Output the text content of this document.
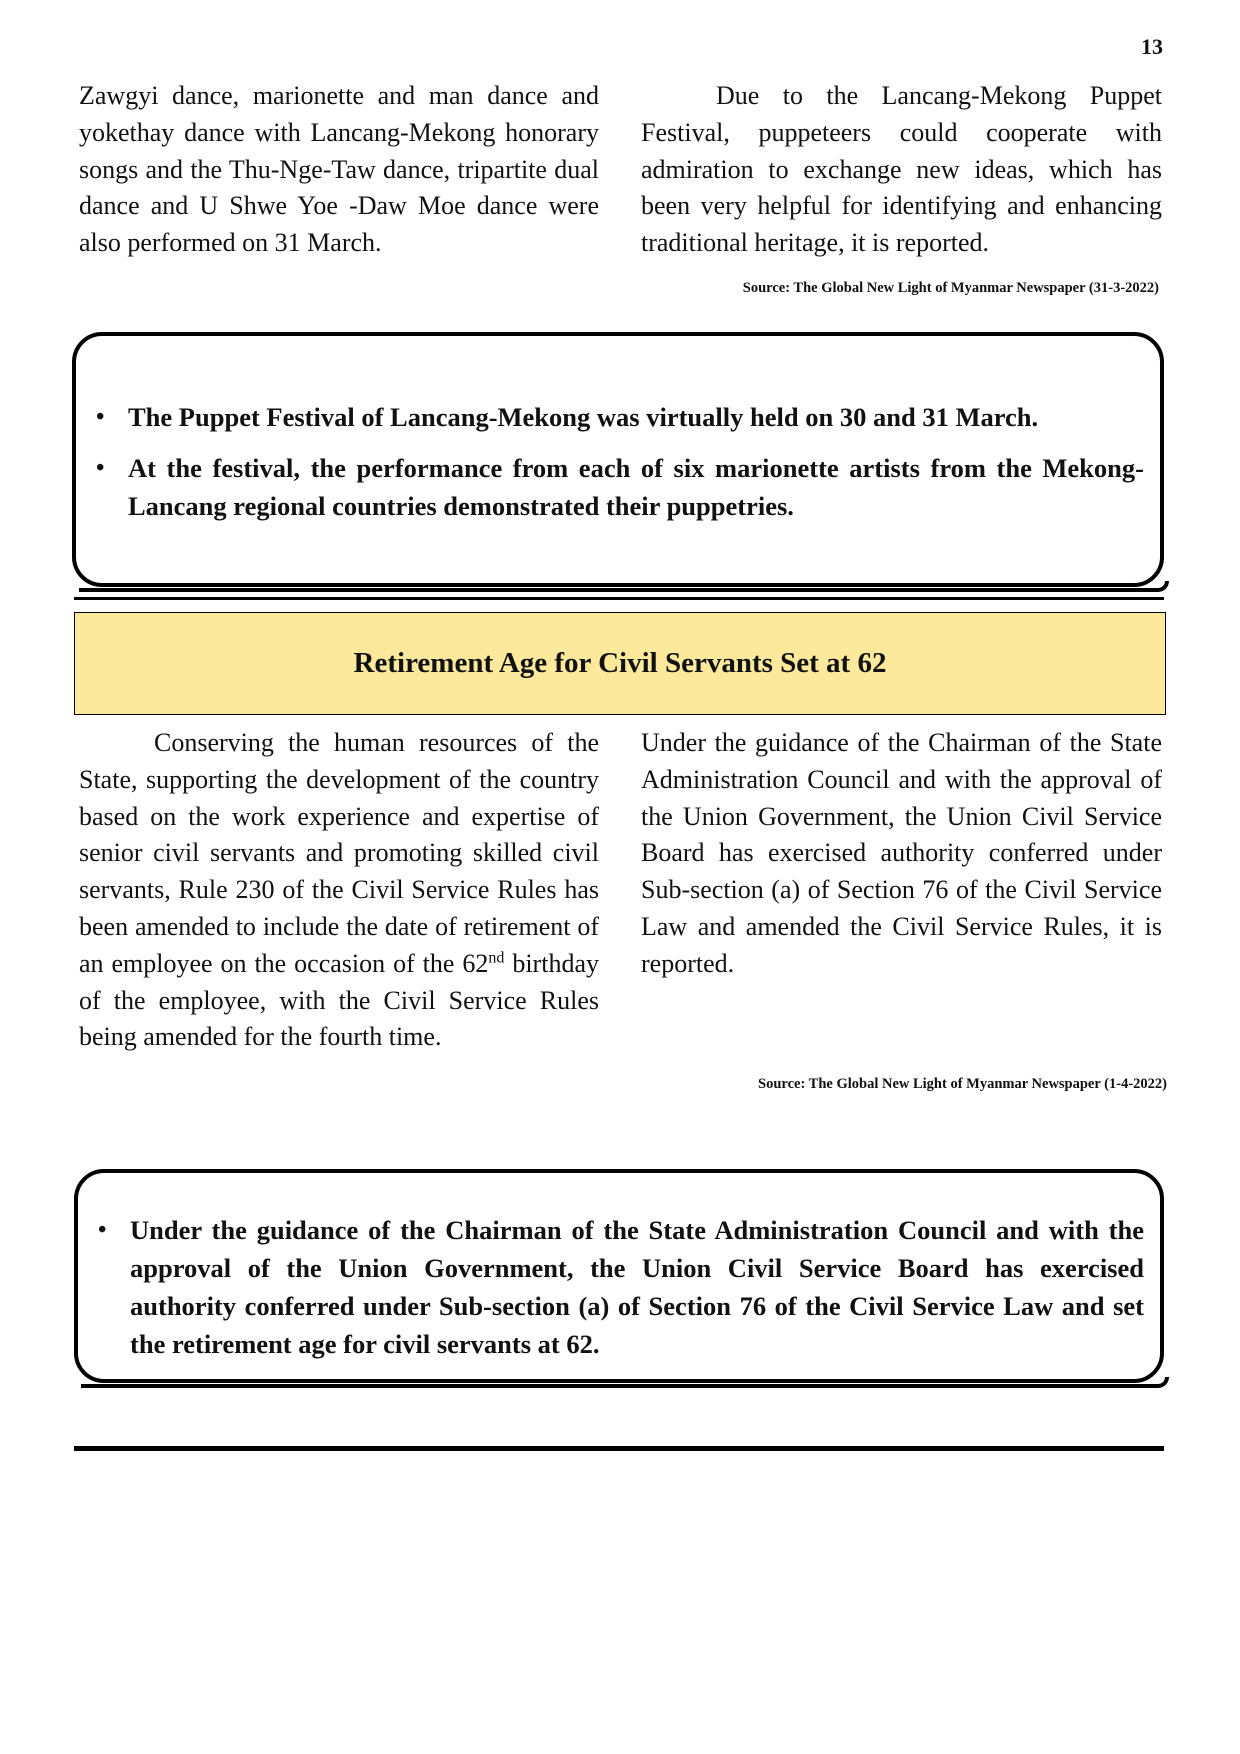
13

Zawgyi dance, marionette and man dance and yokethay dance with Lancang-Mekong honorary songs and the Thu-Nge-Taw dance, tripartite dual dance and U Shwe Yoe -Daw Moe dance were also performed on 31 March.

Due to the Lancang-Mekong Puppet Festival, puppeteers could cooperate with admiration to exchange new ideas, which has been very helpful for identifying and enhancing traditional heritage, it is reported.

Source: The Global New Light of Myanmar Newspaper (31-3-2022)
• The Puppet Festival of Lancang-Mekong was virtually held on 30 and 31 March.
• At the festival, the performance from each of six marionette artists from the Mekong-Lancang regional countries demonstrated their puppetries.
Retirement Age for Civil Servants Set at 62

Conserving the human resources of the State, supporting the development of the country based on the work experience and expertise of senior civil servants and promoting skilled civil servants, Rule 230 of the Civil Service Rules has been amended to include the date of retirement of an employee on the occasion of the 62nd birthday of the employee, with the Civil Service Rules being amended for the fourth time.

Under the guidance of the Chairman of the State Administration Council and with the approval of the Union Government, the Union Civil Service Board has exercised authority conferred under Sub-section (a) of Section 76 of the Civil Service Law and amended the Civil Service Rules, it is reported.

Source: The Global New Light of Myanmar Newspaper (1-4-2022)
• Under the guidance of the Chairman of the State Administration Council and with the approval of the Union Government, the Union Civil Service Board has exercised authority conferred under Sub-section (a) of Section 76 of the Civil Service Law and set the retirement age for civil servants at 62.
